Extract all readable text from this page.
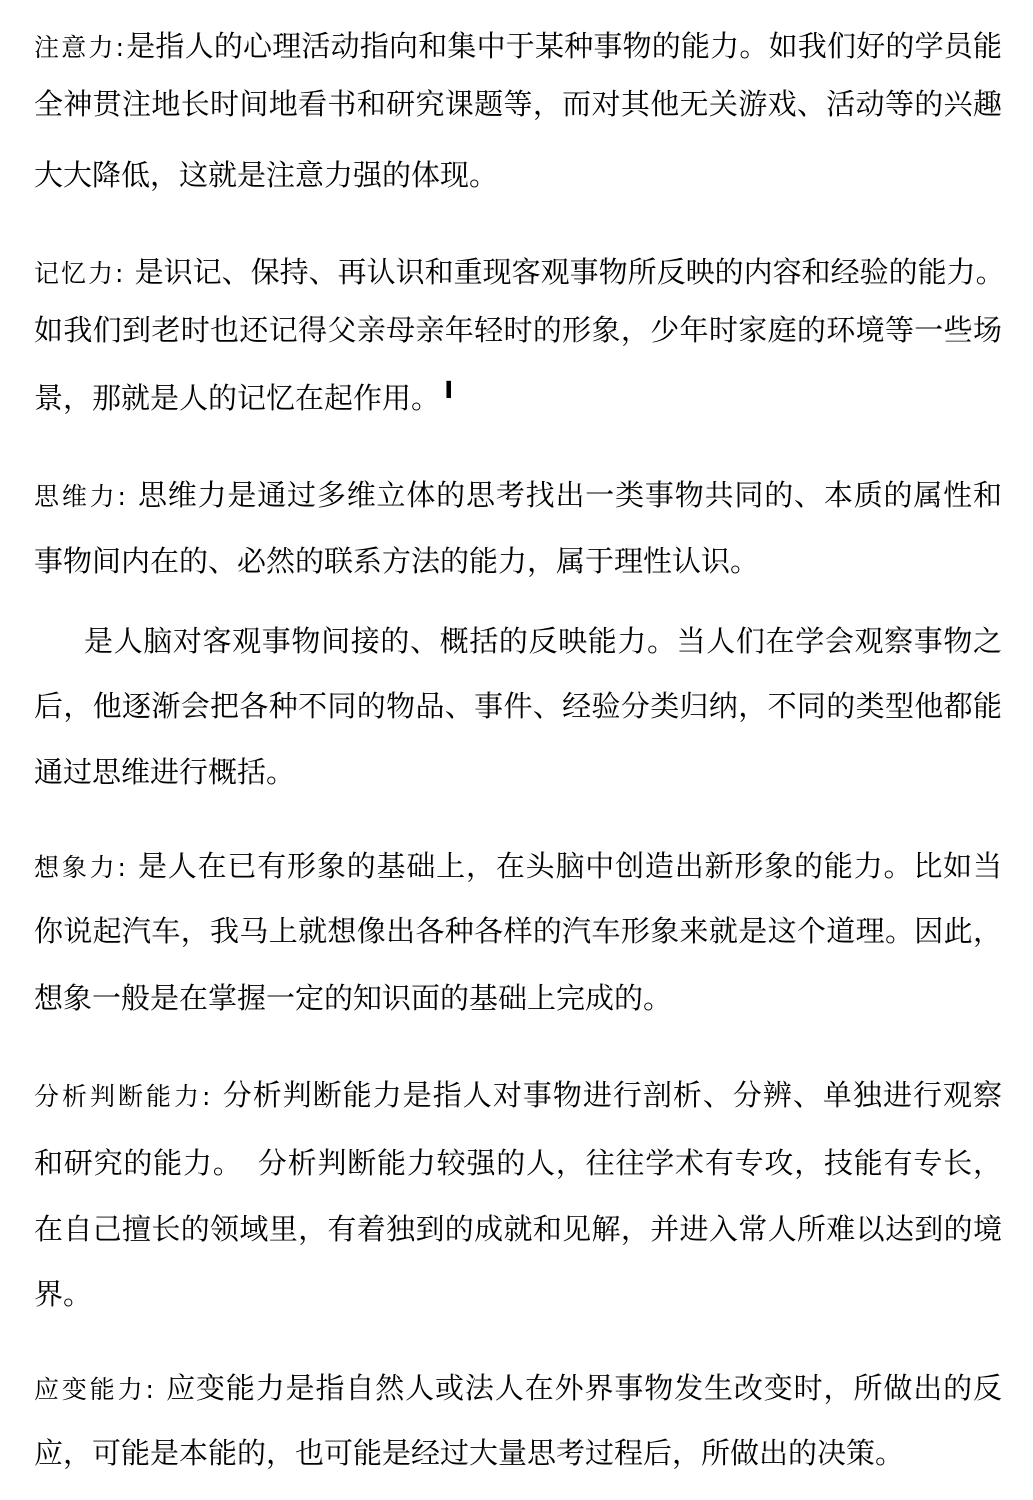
注意力:是指人的心理活动指向和集中于某种事物的能力。如我们好的学员能
全神贯注地长时间地看书和研究课题等，而对其他无关游戏、活动等的兴趣
大大降低，这就是注意力强的体现。
记忆力: 是识记、保持、再认识和重现客观事物所反映的内容和经验的能力。
如我们到老时也还记得父亲母亲年轻时的形象，少年时家庭的环境等一些场
景，那就是人的记忆在起作用。╹
思维力: 思维力是通过多维立体的思考找出一类事物共同的、本质的属性和
事物间内在的、必然的联系方法的能力，属于理性认识。
是人脑对客观事物间接的、概括的反映能力。当人们在学会观察事物之
后，他逐渐会把各种不同的物品、事件、经验分类归纳，不同的类型他都能
通过思维进行概括。
想象力: 是人在已有形象的基础上，在头脑中创造出新形象的能力。比如当
你说起汽车，我马上就想像出各种各样的汽车形象来就是这个道理。因此，
想象一般是在掌握一定的知识面的基础上完成的。
分析判断能力: 分析判断能力是指人对事物进行剖析、分辨、单独进行观察
和研究的能力。　分析判断能力较强的人，往往学术有专攻，技能有专长，
在自己擅长的领域里，有着独到的成就和见解，并进入常人所难以达到的境
界。
应变能力: 应变能力是指自然人或法人在外界事物发生改变时，所做出的反
应，可能是本能的，也可能是经过大量思考过程后，所做出的决策。
